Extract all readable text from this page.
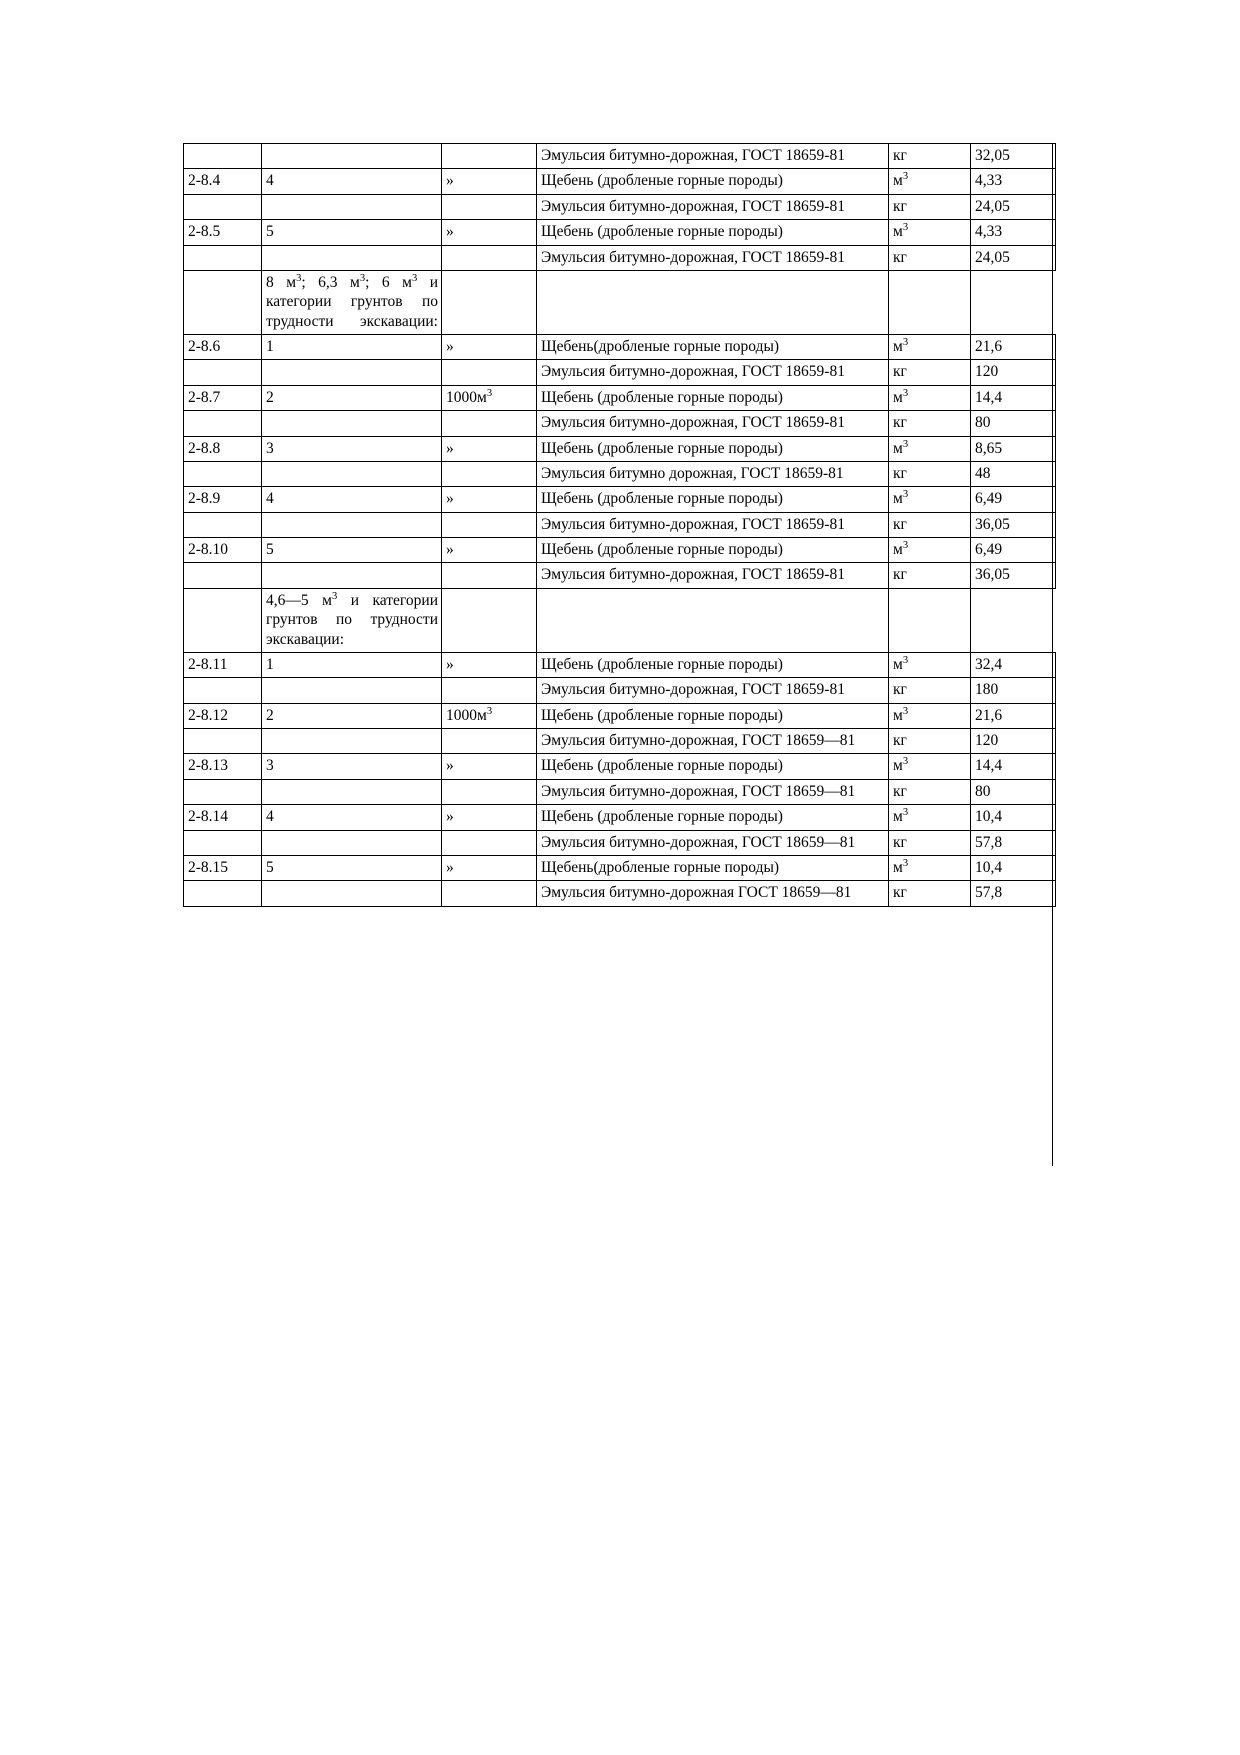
			Эмульсия битумно-дорожная, ГОСТ 18659-81	кг	32,05
2-8.4	4	»	Щебень (дробленые горные породы)	$м^3$	4,33
			Эмульсия битумно-дорожная, ГОСТ 18659-81	кг	24,05
2-8.5	5	»	Щебень (дробленые горные породы)	$м^3$	4,33
			Эмульсия битумно-дорожная, ГОСТ 18659-81	кг	24,05
	8 $м^3$; 6,3 $м^3$; 6 $м^3$ и категории грунтов по трудности экскавации:				
2-8.6	1	»	Щебень(дробленые горные породы)	$м^3$	21,6
			Эмульсия битумно-дорожная, ГОСТ 18659-81	кг	120
2-8.7	2	$1000м^3$	Щебень (дробленые горные породы)	$м^3$	14,4
			Эмульсия битумно-дорожная, ГОСТ 18659-81	кг	80
2-8.8	3	»	Щебень (дробленые горные породы)	$м^3$	8,65
			Эмульсия битумно дорожная, ГОСТ 18659-81	кг	48
2-8.9	4	»	Щебень (дробленые горные породы)	$м^3$	6,49
			Эмульсия битумно-дорожная, ГОСТ 18659-81	кг	36,05
2-8.10	5	»	Щебень (дробленые горные породы)	$м^3$	6,49
			Эмульсия битумно-дорожная, ГОСТ 18659-81	кг	36,05
	4,6—5 $м^3$ и категории грунтов по трудности экскавации:				
2-8.11	1	»	Щебень (дробленые горные породы)	$м^3$	32,4
			Эмульсия битумно-дорожная, ГОСТ 18659-81	кг	180
2-8.12	2	$1000м^3$	Щебень (дробленые горные породы)	$м^3$	21,6
			Эмульсия битумно-дорожная, ГОСТ 18659—81	кг	120
2-8.13	3	»	Щебень (дробленые горные породы)	$м^3$	14,4
			Эмульсия битумно-дорожная, ГОСТ 18659—81	кг	80
2-8.14	4	»	Щебень (дробленые горные породы)	$м^3$	10,4
			Эмульсия битумно-дорожная, ГОСТ 18659—81	кг	57,8
2-8.15	5	»	Щебень(дробленые горные породы)	$м^3$	10,4
			Эмульсия битумно-дорожная ГОСТ 18659—81	кг	57,8
